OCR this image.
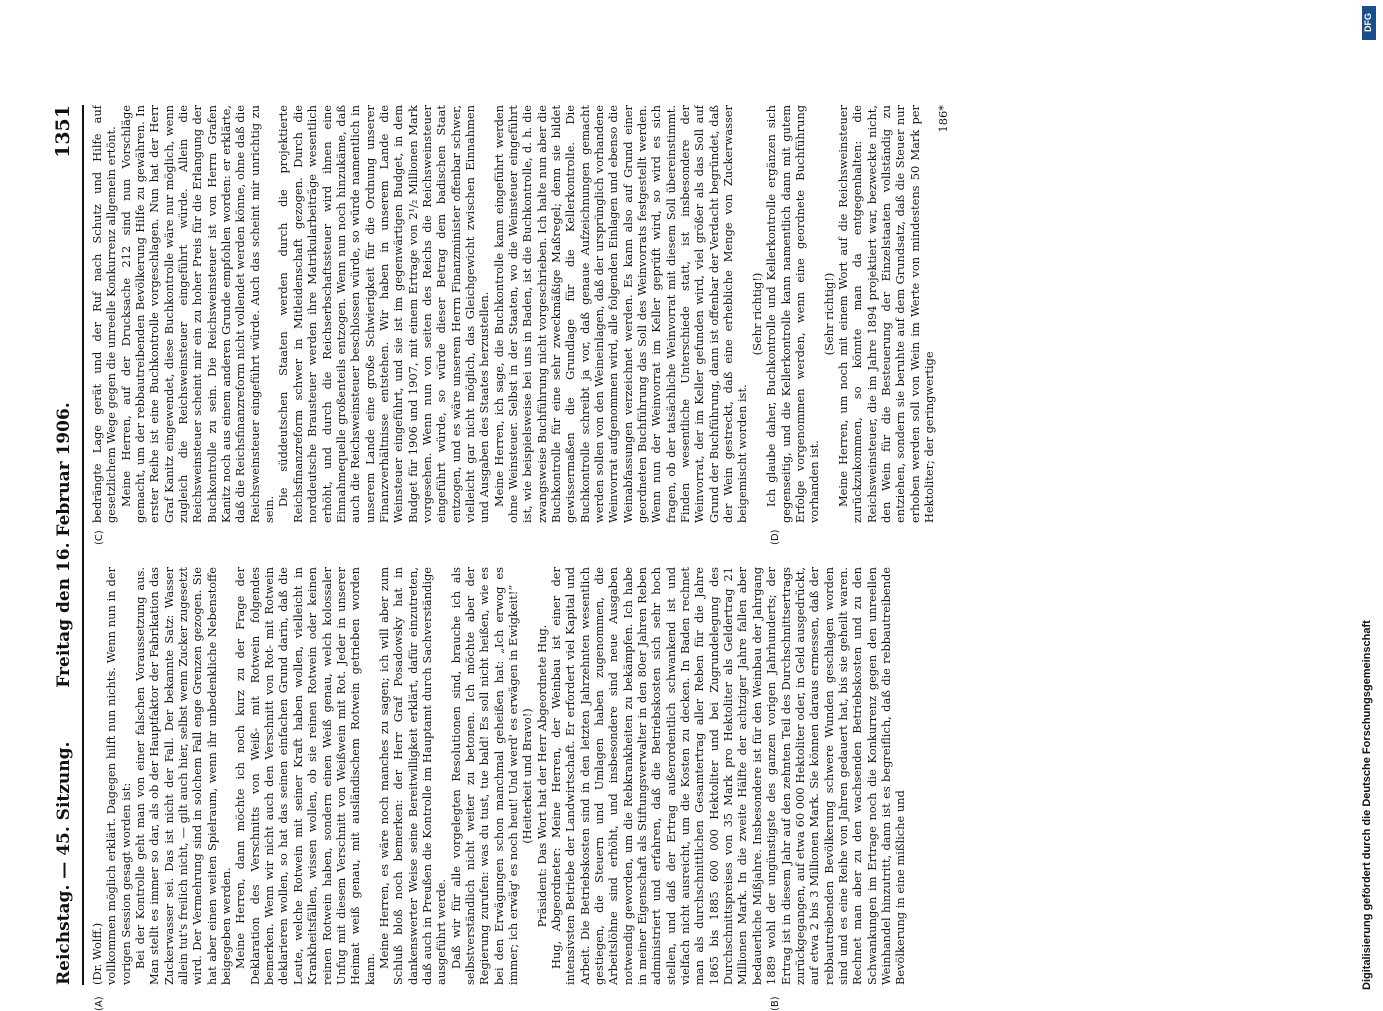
Reichstag. — 45. Sitzung.
Freitag den 16. Februar 1906.
1351
(A)	(B)
(C)	(D)

(Dr. Wolff.) vollkommen möglich erklärt. Dagegen hilft nun nichts. Wenn nun in der vorigen Session gesagt worden ist: Bei der Kontrolle geht man von einer falschen Voraussetzung aus. Man stellt es immer so dar, als ob der Hauptfaktor der Fabrikation das Zuckerwasser sei. Das ist nicht der Fall. Der bekannte Satz: Wasser allein tut's freilich nicht, — gilt auch hier, selbst wenn Zucker zugesetzt wird. Der Vermehrung sind in solchem Fall enge Grenzen gezogen. Sie hat aber einen weiten Spielraum, wenn ihr unbedenkliche Nebenstoffe beigegeben werden. Meine Herren, dann möchte ich noch kurz zu der Frage der Deklaration des Verschnitts von Weiß- mit Rotwein folgendes bemerken. Wenn wir nicht auch den Verschnitt von Rot- mit Rotwein deklarieren wollen, so hat das seinen einfachen Grund darin, daß die Leute, welche Rotwein mit seiner Kraft haben wollen, vielleicht in Krankheitsfällen, wissen wollen, ob sie reinen Rotwein oder keinen reinen Rotwein haben, sondern einen Weiß genau, welch kolossaler Unfug mit diesem Verschnitt von Weißwein mit Rot. Jeder in unserer Heimat weiß genau, mit ausländischem Rotwein getrieben worden kann. Meine Herren, es wäre noch manches zu sagen; ich will aber zum Schluß bloß noch bemerken: der Herr Graf Posadowsky hat in dankenswerter Weise seine Bereitwilligkeit erklärt, dafür einzutreten, daß auch in Preußen die Kontrolle im Hauptamt durch Sachverständige ausgeführt werde. Daß wir für alle vorgelegten Resolutionen sind, brauche ich als selbstverständlich nicht weiter zu betonen. Ich möchte aber der Regierung zurufen: was du tust, tue bald! Es soll nicht heißen, wie es bei den Erwägungen schon manchmal geheißen hat: „Ich erwog es immer; ich erwäg' es noch heut! Und werd' es erwägen in Ewigkeit!“ (Heiterkeit und Bravo!) Präsident: Das Wort hat der Herr Abgeordnete Hug. Hug, Abgeordneter: Meine Herren, der Weinbau ist einer der intensivsten Betriebe der Landwirtschaft. Er erfordert viel Kapital und Arbeit. Die Betriebskosten sind in den letzten Jahrzehnten wesentlich gestiegen, die Steuern und Umlagen haben zugenommen, die Arbeitslöhne sind erhöht, und insbesondere sind neue Ausgaben notwendig geworden, um die Rebkrankheiten zu bekämpfen. Ich habe in meiner Eigenschaft als Stiftungsverwalter in den 80er Jahren Reben administriert und erfahren, daß die Betriebskosten sich sehr hoch stellen, und daß der Ertrag außerordentlich schwankend ist und vielfach nicht ausreicht, um die Kosten zu decken. In Baden rechnet man als durchschnittlichen Gesamtertrag aller Reben für die Jahre 1865 bis 1885 600 000 Hektoliter und bei Zugrundelegung des Durchschnittspreises von 35 Mark pro Hektoliter als Geldertrag 21 Millionen Mark. In die zweite Hälfte der achtziger Jahre fallen aber bedauerliche Mißjahre. Insbesondere ist für den Weinbau der Jahrgang 1889 wohl der ungünstigste des ganzen vorigen Jahrhunderts; der Ertrag ist in diesem Jahr auf den zehnten Teil des Durchschnittsertrags zurückgegangen, auf etwa 60 000 Hektoliter oder, in Geld ausgedrückt, auf etwa 2 bis 3 Millionen Mark. Sie können daraus ermessen, daß der rebbautreibenden Bevölkerung schwere Wunden geschlagen worden sind und es eine Reihe von Jahren gedauert hat, bis sie geheilt waren. Rechnet man aber zu den wachsenden Betriebskosten und zu den Schwankungen im Ertrage noch die Konkurrenz gegen den unreellen Weinhandel hinzutritt, dann ist es begreiflich, daß die rebbautreibende Bevölkerung in eine mißliche und

bedrängte Lage gerät und der Ruf nach Schutz und Hilfe auf gesetzlichem Wege gegen die unreelle Konkurrenz allgemein ertönt. Meine Herren, auf der Drucksache 212 sind nun Vorschläge gemacht, um der rebbautreibenden Bevölkerung Hilfe zu gewähren. In erster Reihe ist eine Buchkontrolle vorgeschlagen. Nun hat der Herr Graf Kanitz eingewendet, diese Buchkontrolle wäre nur möglich, wenn zugleich die Reichsweinsteuer eingeführt würde. Allein die Reichsweinsteuer scheint mir ein zu hoher Preis für die Erlangung der Buchkontrolle zu sein. Die Reichsweinsteuer ist von Herrn Grafen Kanitz noch aus einem anderen Grunde empfohlen worden: er erklärte, daß die Reichsfinanzreform nicht vollendet werden könne, ohne daß die Reichsweinsteuer eingeführt würde. Auch das scheint mir unrichtig zu sein.

Die süddeutschen Staaten werden durch die projektierte Reichsfinanzreform schwer in Mitleidenschaft gezogen. Durch die norddeutsche Brausteuer werden ihre Matrikularbeiträge wesentlich erhöht, und durch die Reichserbschaftssteuer wird ihnen eine Einnahmequelle großenteils entzogen. Wenn nun noch hinzukäme, daß auch die Reichsweinsteuer beschlossen würde, so würde namentlich in unserem Lande eine große Schwierigkeit für die Ordnung unserer Finanzverhältnisse entstehen. Wir haben in unserem Lande die Weinsteuer eingeführt, und sie ist im gegenwärtigen Budget, in dem Budget für 1906 und 1907, mit einem Ertrage von 2¹/₂ Millionen Mark vorgesehen. Wenn nun von seiten des Reichs die Reichsweinsteuer eingeführt würde, so würde dieser Betrag dem badischen Staat entzogen, und es wäre unserem Herrn Finanzminister offenbar schwer, vielleicht gar nicht möglich, das Gleichgewicht zwischen Einnahmen und Ausgaben des Staates herzustellen. Meine Herren, ich sage, die Buchkontrolle kann eingeführt werden ohne Weinsteuer. Selbst in der Staaten, wo die Weinsteuer eingeführt ist, wie beispielsweise bei uns in Baden, ist die Buchkontrolle, d. h. die zwangsweise Buchführung nicht vorgeschrieben. Ich halte nun aber die Buchkontrolle für eine sehr zweckmäßige Maßregel; denn sie bildet gewissermaßen die Grundlage für die Kellerkontrolle. Die Buchkontrolle schreibt ja vor, daß genaue Aufzeichnungen gemacht werden sollen von den Weineinlagen, daß der ursprünglich vorhandene Weinvorrat aufgenommen wird, alle folgenden Einlagen und ebenso die Weinabfassungen verzeichnet werden. Es kann also auf Grund einer geordneten Buchführung das Soll des Weinvorrats festgestellt werden. Wenn nun der Weinvorrat im Keller geprüft wird, so wird es sich fragen, ob der tatsächliche Weinvorrat mit diesem Soll übereinstimmt. Finden wesentliche Unterschiede statt, ist insbesondere der Weinvorrat, der im Keller gefunden wird, viel größer als das Soll auf Grund der Buchführung, dann ist offenbar der Verdacht begründet, daß der Wein gestreckt, daß eine erhebliche Menge von Zuckerwasser beigemischt worden ist.

(Sehr richtig!) Ich glaube daher, Buchkontrolle und Kellerkontrolle ergänzen sich gegenseitig, und die Kellerkontrolle kann namentlich dann mit gutem Erfolge vorgenommen werden, wenn eine geordnete Buchführung vorhanden ist.

(Sehr richtig!) Meine Herren, um noch mit einem Wort auf die Reichsweinsteuer zurückzukommen, so könnte man da entgegenhalten: die Reichsweinsteuer, die im Jahre 1894 projektiert war, bezweckte nicht, den Wein für die Besteuerung der Einzelstaaten vollständig zu entziehen, sondern sie beruhte auf dem Grundsatz, daß die Steuer nur erhoben werden soll von Wein im Werte von mindestens 50 Mark per Hektoliter; der geringwertige

186*

Digitalisierung gefördert durch die Deutsche Forschungsgemeinschaft
DFG
